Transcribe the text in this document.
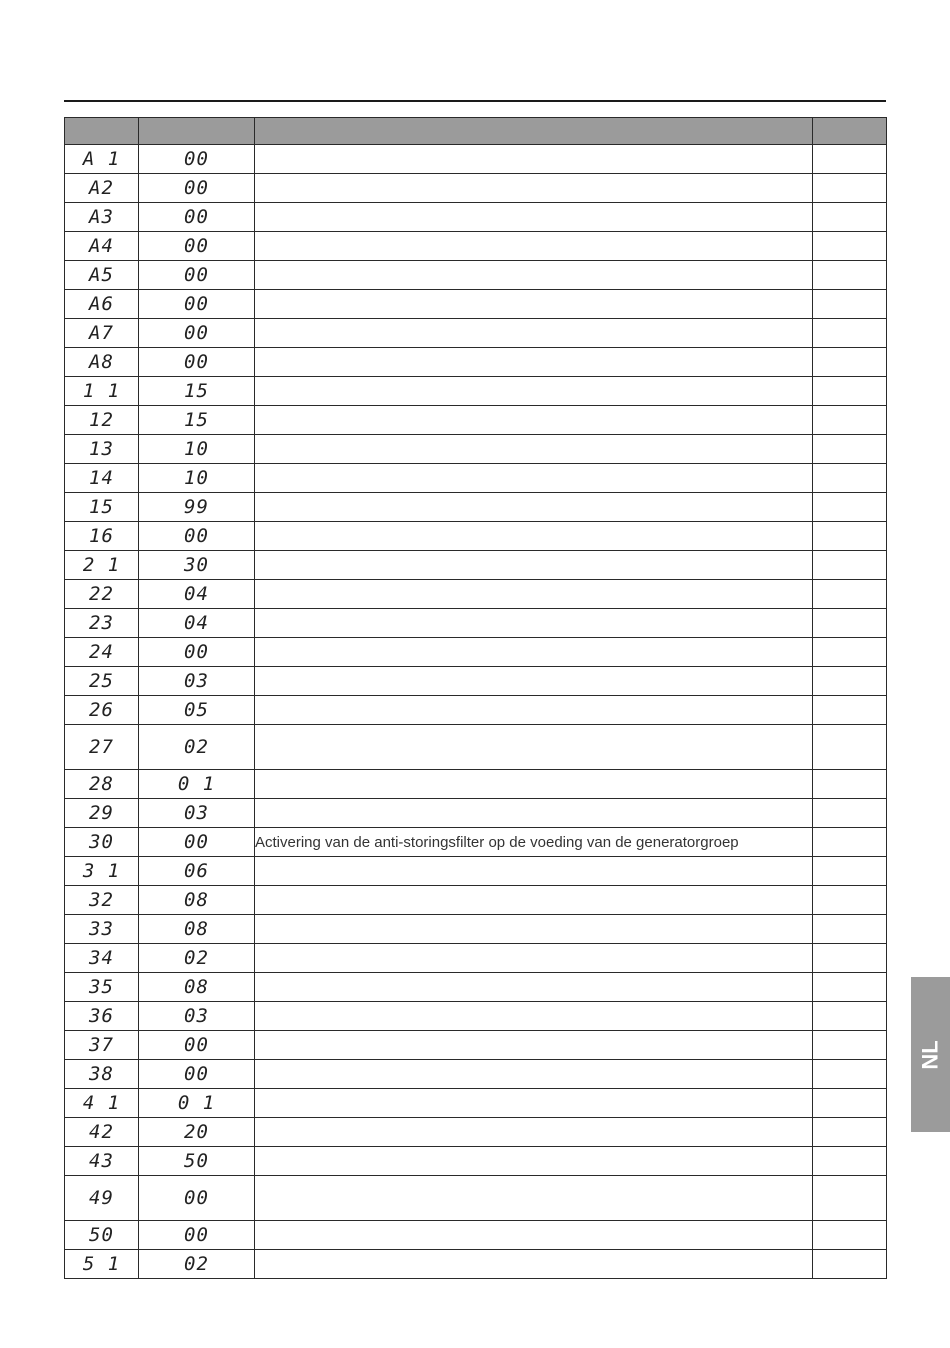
A 1	00		
A2	00		
A3	00		
A4	00		
A5	00		
A6	00		
A7	00		
A8	00		
1 1	15		
12	15		
13	10		
14	10		
15	99		
16	00		
2 1	30		
22	04		
23	04		
24	00		
25	03		
26	05		
27	02		
28	0 1		
29	03		
30	00	Activering van de anti-storingsfilter op de voeding van de generatorgroep	
3 1	06		
32	08		
33	08		
34	02		
35	08		
36	03		
37	00		
38	00		
4 1	0 1		
42	20		
43	50		
49	00		
50	00		
5 1	02		
NL
